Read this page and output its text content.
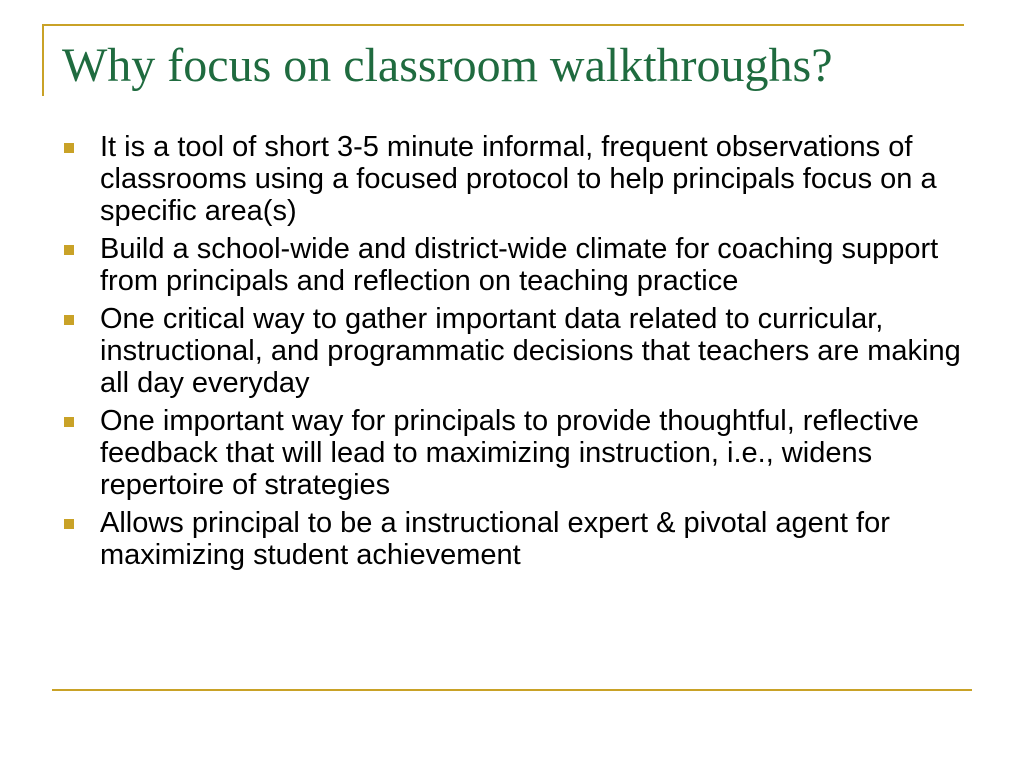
Why focus on classroom walkthroughs?
It is a tool of short 3-5 minute informal, frequent observations of classrooms using a focused protocol to help principals focus on a specific area(s)
Build a school-wide and district-wide climate for coaching support from principals and reflection on teaching practice
One critical way to gather important data related to curricular, instructional, and programmatic decisions that teachers are making all day everyday
One important way for principals to provide thoughtful, reflective feedback that will lead to maximizing instruction, i.e., widens repertoire of strategies
Allows principal to be a instructional expert & pivotal agent for maximizing student achievement
